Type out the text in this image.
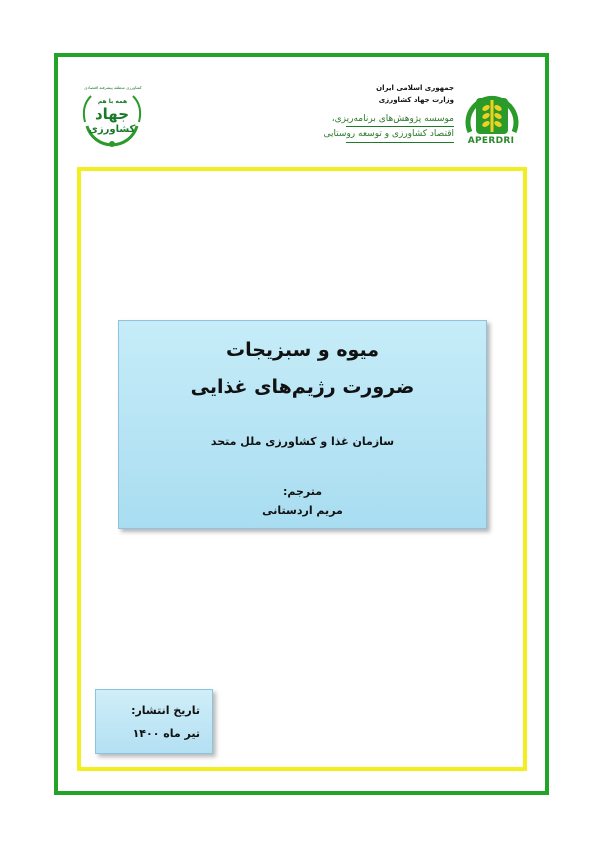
جمهوری اسلامی ایران
وزارت جهاد کشاورزی
موسسه پژوهش‌های برنامه‌ریزی،
اقتصاد کشاورزی و توسعه روستایی
APERDRI
کشاورزی منطقه پیشرفته اقتصادی
همه با هم
جهاد
کشاورزی
میوه و سبزیجات
ضرورت رژیم‌های غذایی
سازمان غذا و کشاورزی ملل متحد
مترجم:
مریم اردستانی
تاریخ انتشار:
تیر ماه ۱۴۰۰
